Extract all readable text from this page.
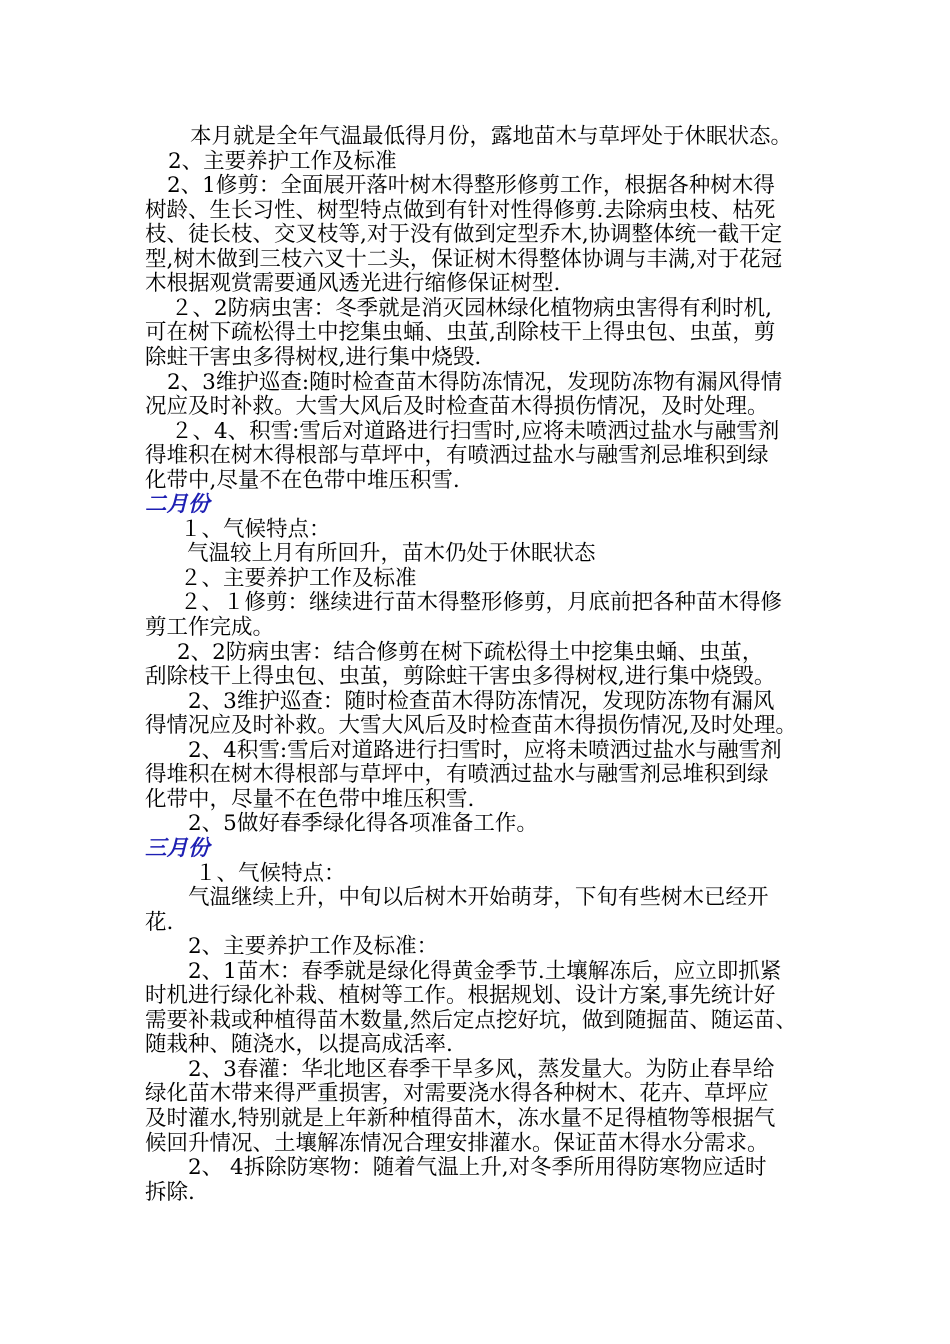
本月就是全年气温最低得月份，露地苗木与草坪处于休眠状态。
2、主要养护工作及标准
2、1修剪：全面展开落叶树木得整形修剪工作，根据各种树木得
树龄、生长习性、树型特点做到有针对性得修剪.去除病虫枝、枯死
枝、徒长枝、交叉枝等,对于没有做到定型乔木,协调整体统一截干定
型,树木做到三枝六叉十二头，保证树木得整体协调与丰满,对于花冠
木根据观赏需要通风透光进行缩修保证树型.
２、2防病虫害：冬季就是消灭园林绿化植物病虫害得有利时机,
可在树下疏松得土中挖集虫蛹、虫茧,刮除枝干上得虫包、虫茧，剪
除蛀干害虫多得树杈,进行集中烧毁.
2、3维护巡查:随时检查苗木得防冻情况，发现防冻物有漏风得情
况应及时补救。大雪大风后及时检查苗木得损伤情况，及时处理。
２、4、积雪:雪后对道路进行扫雪时,应将未喷洒过盐水与融雪剂
得堆积在树木得根部与草坪中，有喷洒过盐水与融雪剂忌堆积到绿
化带中,尽量不在色带中堆压积雪.
二月份
１、气候特点：
气温较上月有所回升，苗木仍处于休眠状态
２、主要养护工作及标准
２、１修剪：继续进行苗木得整形修剪，月底前把各种苗木得修
剪工作完成。
2、2防病虫害：结合修剪在树下疏松得土中挖集虫蛹、虫茧，
刮除枝干上得虫包、虫茧，剪除蛀干害虫多得树杈,进行集中烧毁。
2、3维护巡查：随时检查苗木得防冻情况，发现防冻物有漏风
得情况应及时补救。大雪大风后及时检查苗木得损伤情况,及时处理。
2、4积雪:雪后对道路进行扫雪时，应将未喷洒过盐水与融雪剂
得堆积在树木得根部与草坪中，有喷洒过盐水与融雪剂忌堆积到绿
化带中，尽量不在色带中堆压积雪.
2、5做好春季绿化得各项准备工作。
三月份
１、气候特点：
气温继续上升，中旬以后树木开始萌芽，下旬有些树木已经开
花.
2、主要养护工作及标准：
2、1苗木：春季就是绿化得黄金季节.土壤解冻后，应立即抓紧
时机进行绿化补栽、植树等工作。根据规划、设计方案,事先统计好
需要补栽或种植得苗木数量,然后定点挖好坑，做到随掘苗、随运苗、
随栽种、随浇水，以提高成活率.
2、3春灌：华北地区春季干旱多风，蒸发量大。为防止春旱给
绿化苗木带来得严重损害，对需要浇水得各种树木、花卉、草坪应
及时灌水,特别就是上年新种植得苗木，冻水量不足得植物等根据气
候回升情况、土壤解冻情况合理安排灌水。保证苗木得水分需求。
2、 4拆除防寒物：随着气温上升,对冬季所用得防寒物应适时
拆除.
